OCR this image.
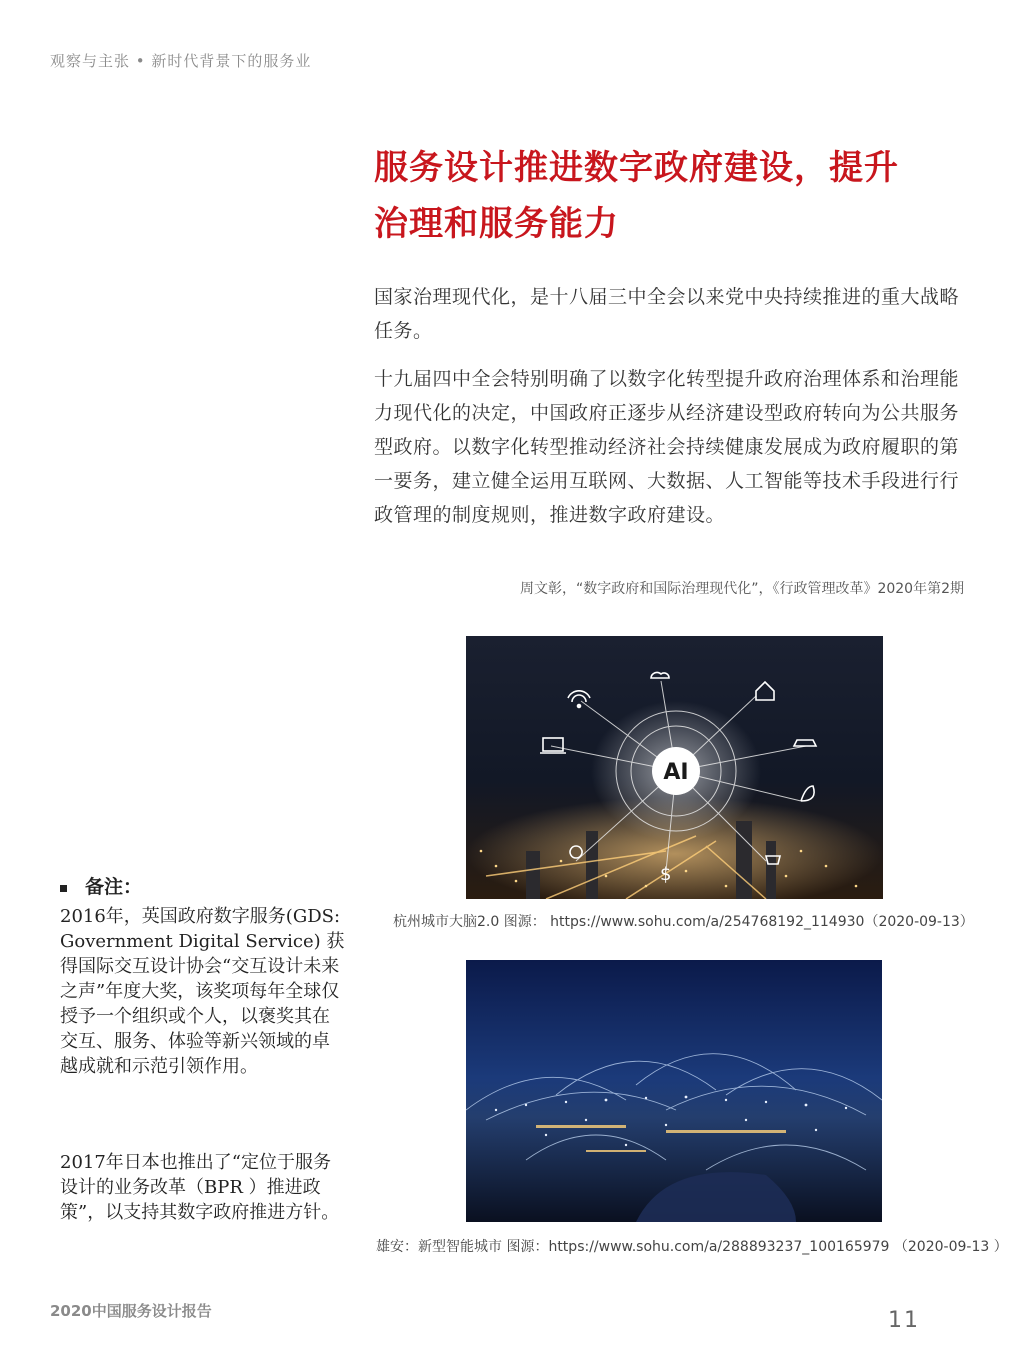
观察与主张 • 新时代背景下的服务业
服务设计推进数字政府建设，提升
治理和服务能力
国家治理现代化，是十八届三中全会以来党中央持续推进的重大战略任务。
十九届四中全会特别明确了以数字化转型提升政府治理体系和治理能力现代化的决定，中国政府正逐步从经济建设型政府转向为公共服务型政府。以数字化转型推动经济社会持续健康发展成为政府履职的第一要务，建立健全运用互联网、大数据、人工智能等技术手段进行行政管理的制度规则，推进数字政府建设。
周文彰，“数字政府和国际治理现代化”，《行政管理改革》2020年第2期
$
AI
杭州城市大脑2.0 图源： https://www.sohu.com/a/254768192_114930（2020-09-13）
雄安：新型智能城市 图源：https://www.sohu.com/a/288893237_100165979 （2020-09-13 ）
备注：
2016年，英国政府数字服务(GDS: Government Digital Service) 获得国际交互设计协会“交互设计未来之声”年度大奖，该奖项每年全球仅授予一个组织或个人，以褒奖其在交互、服务、体验等新兴领域的卓越成就和示范引领作用。
2017年日本也推出了“定位于服务设计的业务改革（BPR ）推进政策”，以支持其数字政府推进方针。
2020中国服务设计报告	11
